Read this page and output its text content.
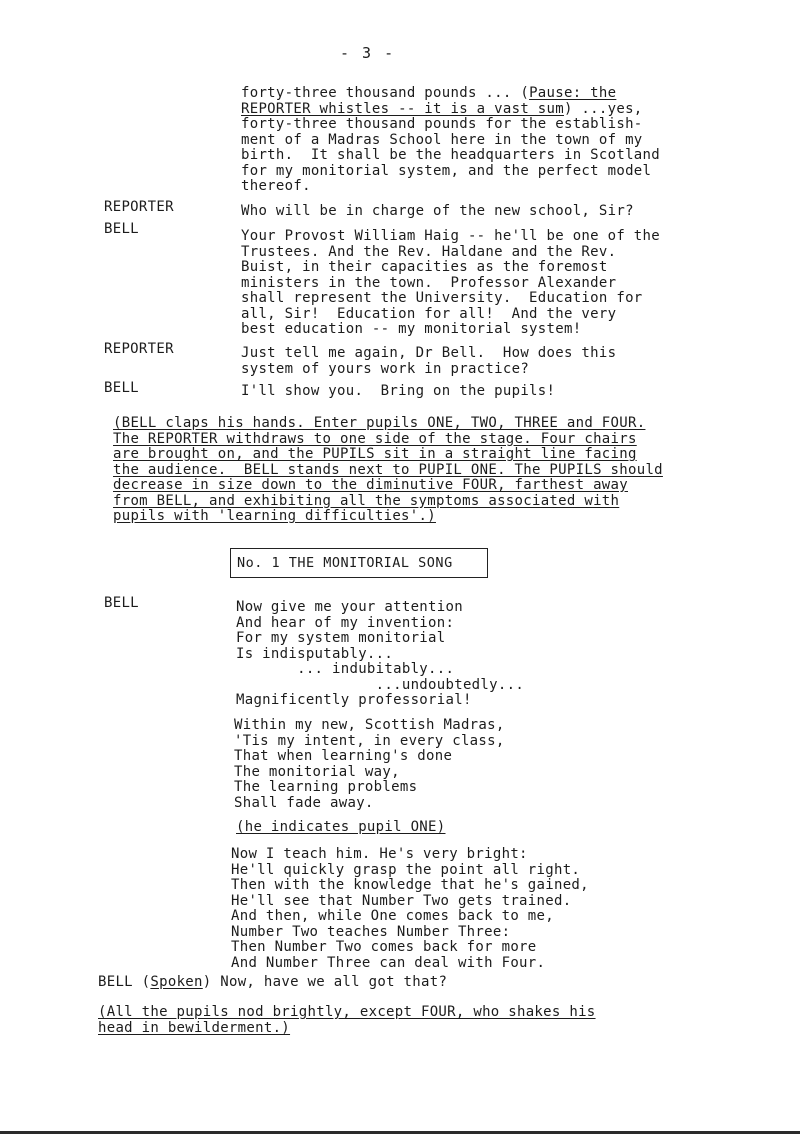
- 3 -
forty-three thousand pounds ... (Pause: the
REPORTER whistles -- it is a vast sum) ...yes,
forty-three thousand pounds for the establish-
ment of a Madras School here in the town of my
birth.  It shall be the headquarters in Scotland
for my monitorial system, and the perfect model
thereof.
REPORTER	Who will be in charge of the new school, Sir?
BELL	Your Provost William Haig -- he'll be one of the
Trustees. And the Rev. Haldane and the Rev.
Buist, in their capacities as the foremost
ministers in the town.  Professor Alexander
shall represent the University.  Education for
all, Sir!  Education for all!  And the very
best education -- my monitorial system!
REPORTER	Just tell me again, Dr Bell.  How does this
system of yours work in practice?
BELL	I'll show you.  Bring on the pupils!
(BELL claps his hands. Enter pupils ONE, TWO, THREE and FOUR.
The REPORTER withdraws to one side of the stage. Four chairs
are brought on, and the PUPILS sit in a straight line facing
the audience.  BELL stands next to PUPIL ONE. The PUPILS should
decrease in size down to the diminutive FOUR, farthest away
from BELL, and exhibiting all the symptoms associated with
pupils with 'learning difficulties'.)
No. 1 THE MONITORIAL SONG
BELL	Now give me your attention
And hear of my invention:
For my system monitorial
Is indisputably...
... indubitably...
...undoubtedly...
Magnificently professorial!
Within my new, Scottish Madras,
'Tis my intent, in every class,
That when learning's done
The monitorial way,
The learning problems
Shall fade away.
(he indicates pupil ONE)
Now I teach him. He's very bright:
He'll quickly grasp the point all right.
Then with the knowledge that he's gained,
He'll see that Number Two gets trained.
And then, while One comes back to me,
Number Two teaches Number Three:
Then Number Two comes back for more
And Number Three can deal with Four.
BELL (Spoken) Now, have we all got that?
(All the pupils nod brightly, except FOUR, who shakes his
head in bewilderment.)
